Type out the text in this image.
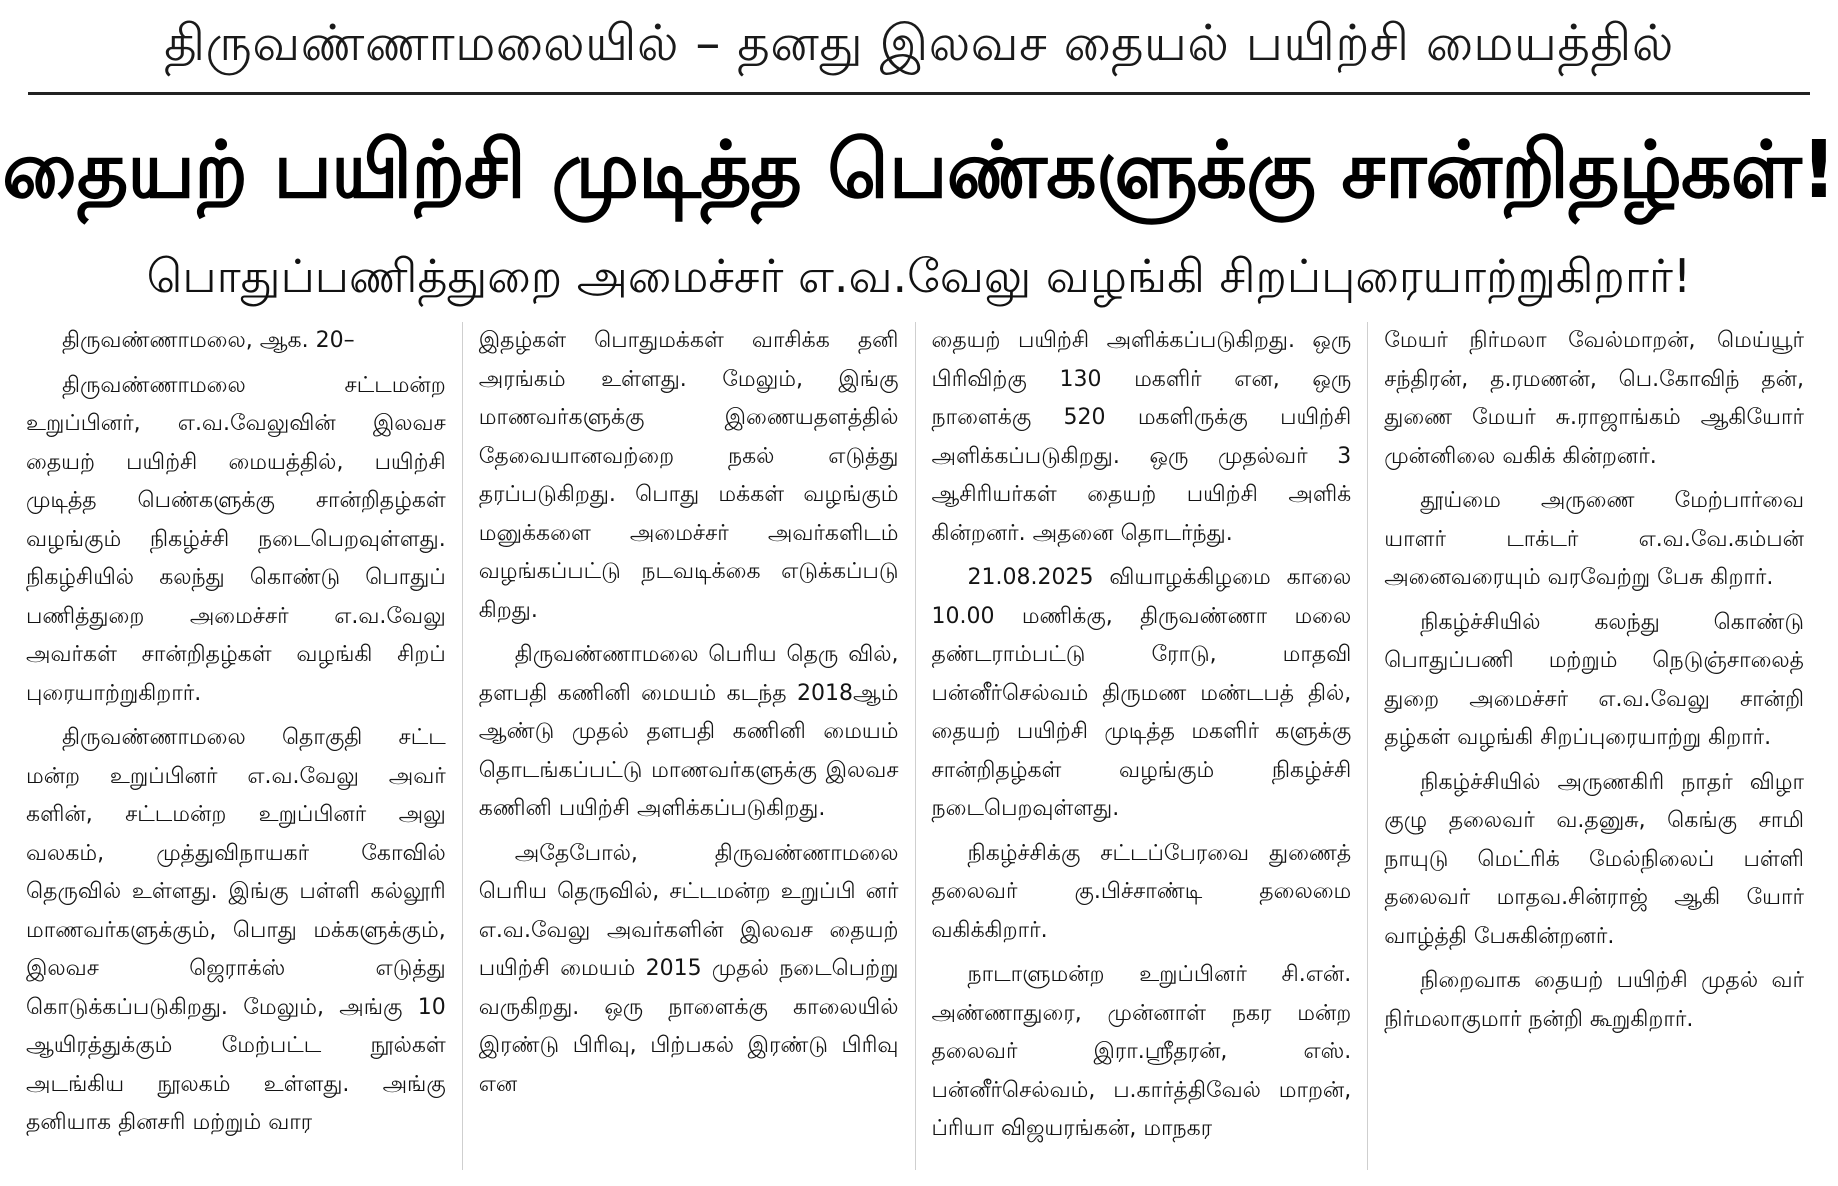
திருவண்ணாமலையில் – தனது இலவச தையல் பயிற்சி மையத்தில்
தையற் பயிற்சி முடித்த பெண்களுக்கு சான்றிதழ்கள்!
பொதுப்பணித்துறை அமைச்சர் எ.வ.வேலு வழங்கி சிறப்புரையாற்றுகிறார்!

திருவண்ணாமலை, ஆக. 20–

திருவண்ணாமலை சட்டமன்ற உறுப்பினர், எ.வ.வேலுவின் இலவச தையற் பயிற்சி மையத்தில், பயிற்சி முடித்த பெண்களுக்கு சான்றிதழ்கள் வழங்கும் நிகழ்ச்சி நடைபெறவுள்ளது. நிகழ்சியில் கலந்து கொண்டு பொதுப் பணித்துறை அமைச்சர் எ.வ.வேலு அவர்கள் சான்றிதழ்கள் வழங்கி சிறப் புரையாற்றுகிறார்.

திருவண்ணாமலை தொகுதி சட்ட மன்ற உறுப்பினர் எ.வ.வேலு அவர் களின், சட்டமன்ற உறுப்பினர் அலு வலகம், முத்துவிநாயகர் கோவில் தெருவில் உள்ளது. இங்கு பள்ளி கல்லூரி மாணவர்களுக்கும், பொது மக்களுக்கும், இலவச ஜெராக்ஸ் எடுத்து கொடுக்கப்படுகிறது. மேலும், அங்கு 10 ஆயிரத்துக்கும் மேற்பட்ட நூல்கள் அடங்கிய நூலகம் உள்ளது. அங்கு தனியாக தினசரி மற்றும் வார

இதழ்கள் பொதுமக்கள் வாசிக்க தனி அரங்கம் உள்ளது. மேலும், இங்கு மாணவர்களுக்கு இணையதளத்தில் தேவையானவற்றை நகல் எடுத்து தரப்படுகிறது. பொது மக்கள் வழங்கும் மனுக்களை அமைச்சர் அவர்களிடம் வழங்கப்பட்டு நடவடிக்கை எடுக்கப்படு கிறது.

திருவண்ணாமலை பெரிய தெரு வில், தளபதி கணினி மையம் கடந்த 2018ஆம் ஆண்டு முதல் தளபதி கணினி மையம் தொடங்கப்பட்டு மாணவர்களுக்கு இலவச கணினி பயிற்சி அளிக்கப்படுகிறது.

அதேபோல், திருவண்ணாமலை பெரிய தெருவில், சட்டமன்ற உறுப்பி னர் எ.வ.வேலு அவர்களின் இலவச தையற் பயிற்சி மையம் 2015 முதல் நடைபெற்று வருகிறது. ஒரு நாளைக்கு காலையில் இரண்டு பிரிவு, பிற்பகல் இரண்டு பிரிவு என

தையற் பயிற்சி அளிக்கப்படுகிறது. ஒரு பிரிவிற்கு 130 மகளிர் என, ஒரு நாளைக்கு 520 மகளிருக்கு பயிற்சி அளிக்கப்படுகிறது. ஒரு முதல்வர் 3 ஆசிரியர்கள் தையற் பயிற்சி அளிக் கின்றனர். அதனை தொடர்ந்து.

21.08.2025 வியாழக்கிழமை காலை 10.00 மணிக்கு, திருவண்ணா மலை தண்டராம்பட்டு ரோடு, மாதவி பன்னீர்செல்வம் திருமண மண்டபத் தில், தையற் பயிற்சி முடித்த மகளிர் களுக்கு சான்றிதழ்கள் வழங்கும் நிகழ்ச்சி நடைபெறவுள்ளது.

நிகழ்ச்சிக்கு சட்டப்பேரவை துணைத் தலைவர் கு.பிச்சாண்டி தலைமை வகிக்கிறார்.

நாடாளுமன்ற உறுப்பினர் சி.என். அண்ணாதுரை, முன்னாள் நகர மன்ற தலைவர் இரா.ஸ்ரீதரன், எஸ். பன்னீர்செல்வம், ப.கார்த்திவேல் மாறன், ப்ரியா விஜயரங்கன், மாநகர

மேயர் நிர்மலா வேல்மாறன், மெய்யூர் சந்திரன், த.ரமணன், பெ.கோவிந் தன், துணை மேயர் சு.ராஜாங்கம் ஆகியோர் முன்னிலை வகிக் கின்றனர்.

தூய்மை அருணை மேற்பார்வை யாளர் டாக்டர் எ.வ.வே.கம்பன் அனைவரையும் வரவேற்று பேசு கிறார்.

நிகழ்ச்சியில் கலந்து கொண்டு பொதுப்பணி மற்றும் நெடுஞ்சாலைத் துறை அமைச்சர் எ.வ.வேலு சான்றி தழ்கள் வழங்கி சிறப்புரையாற்று கிறார்.

நிகழ்ச்சியில் அருணகிரி நாதர் விழா குழு தலைவர் வ.தனுசு, கெங்கு சாமி நாயுடு மெட்ரிக் மேல்நிலைப் பள்ளி தலைவர் மாதவ.சின்ராஜ் ஆகி யோர் வாழ்த்தி பேசுகின்றனர்.

நிறைவாக தையற் பயிற்சி முதல் வர் நிர்மலாகுமார் நன்றி கூறுகிறார்.
